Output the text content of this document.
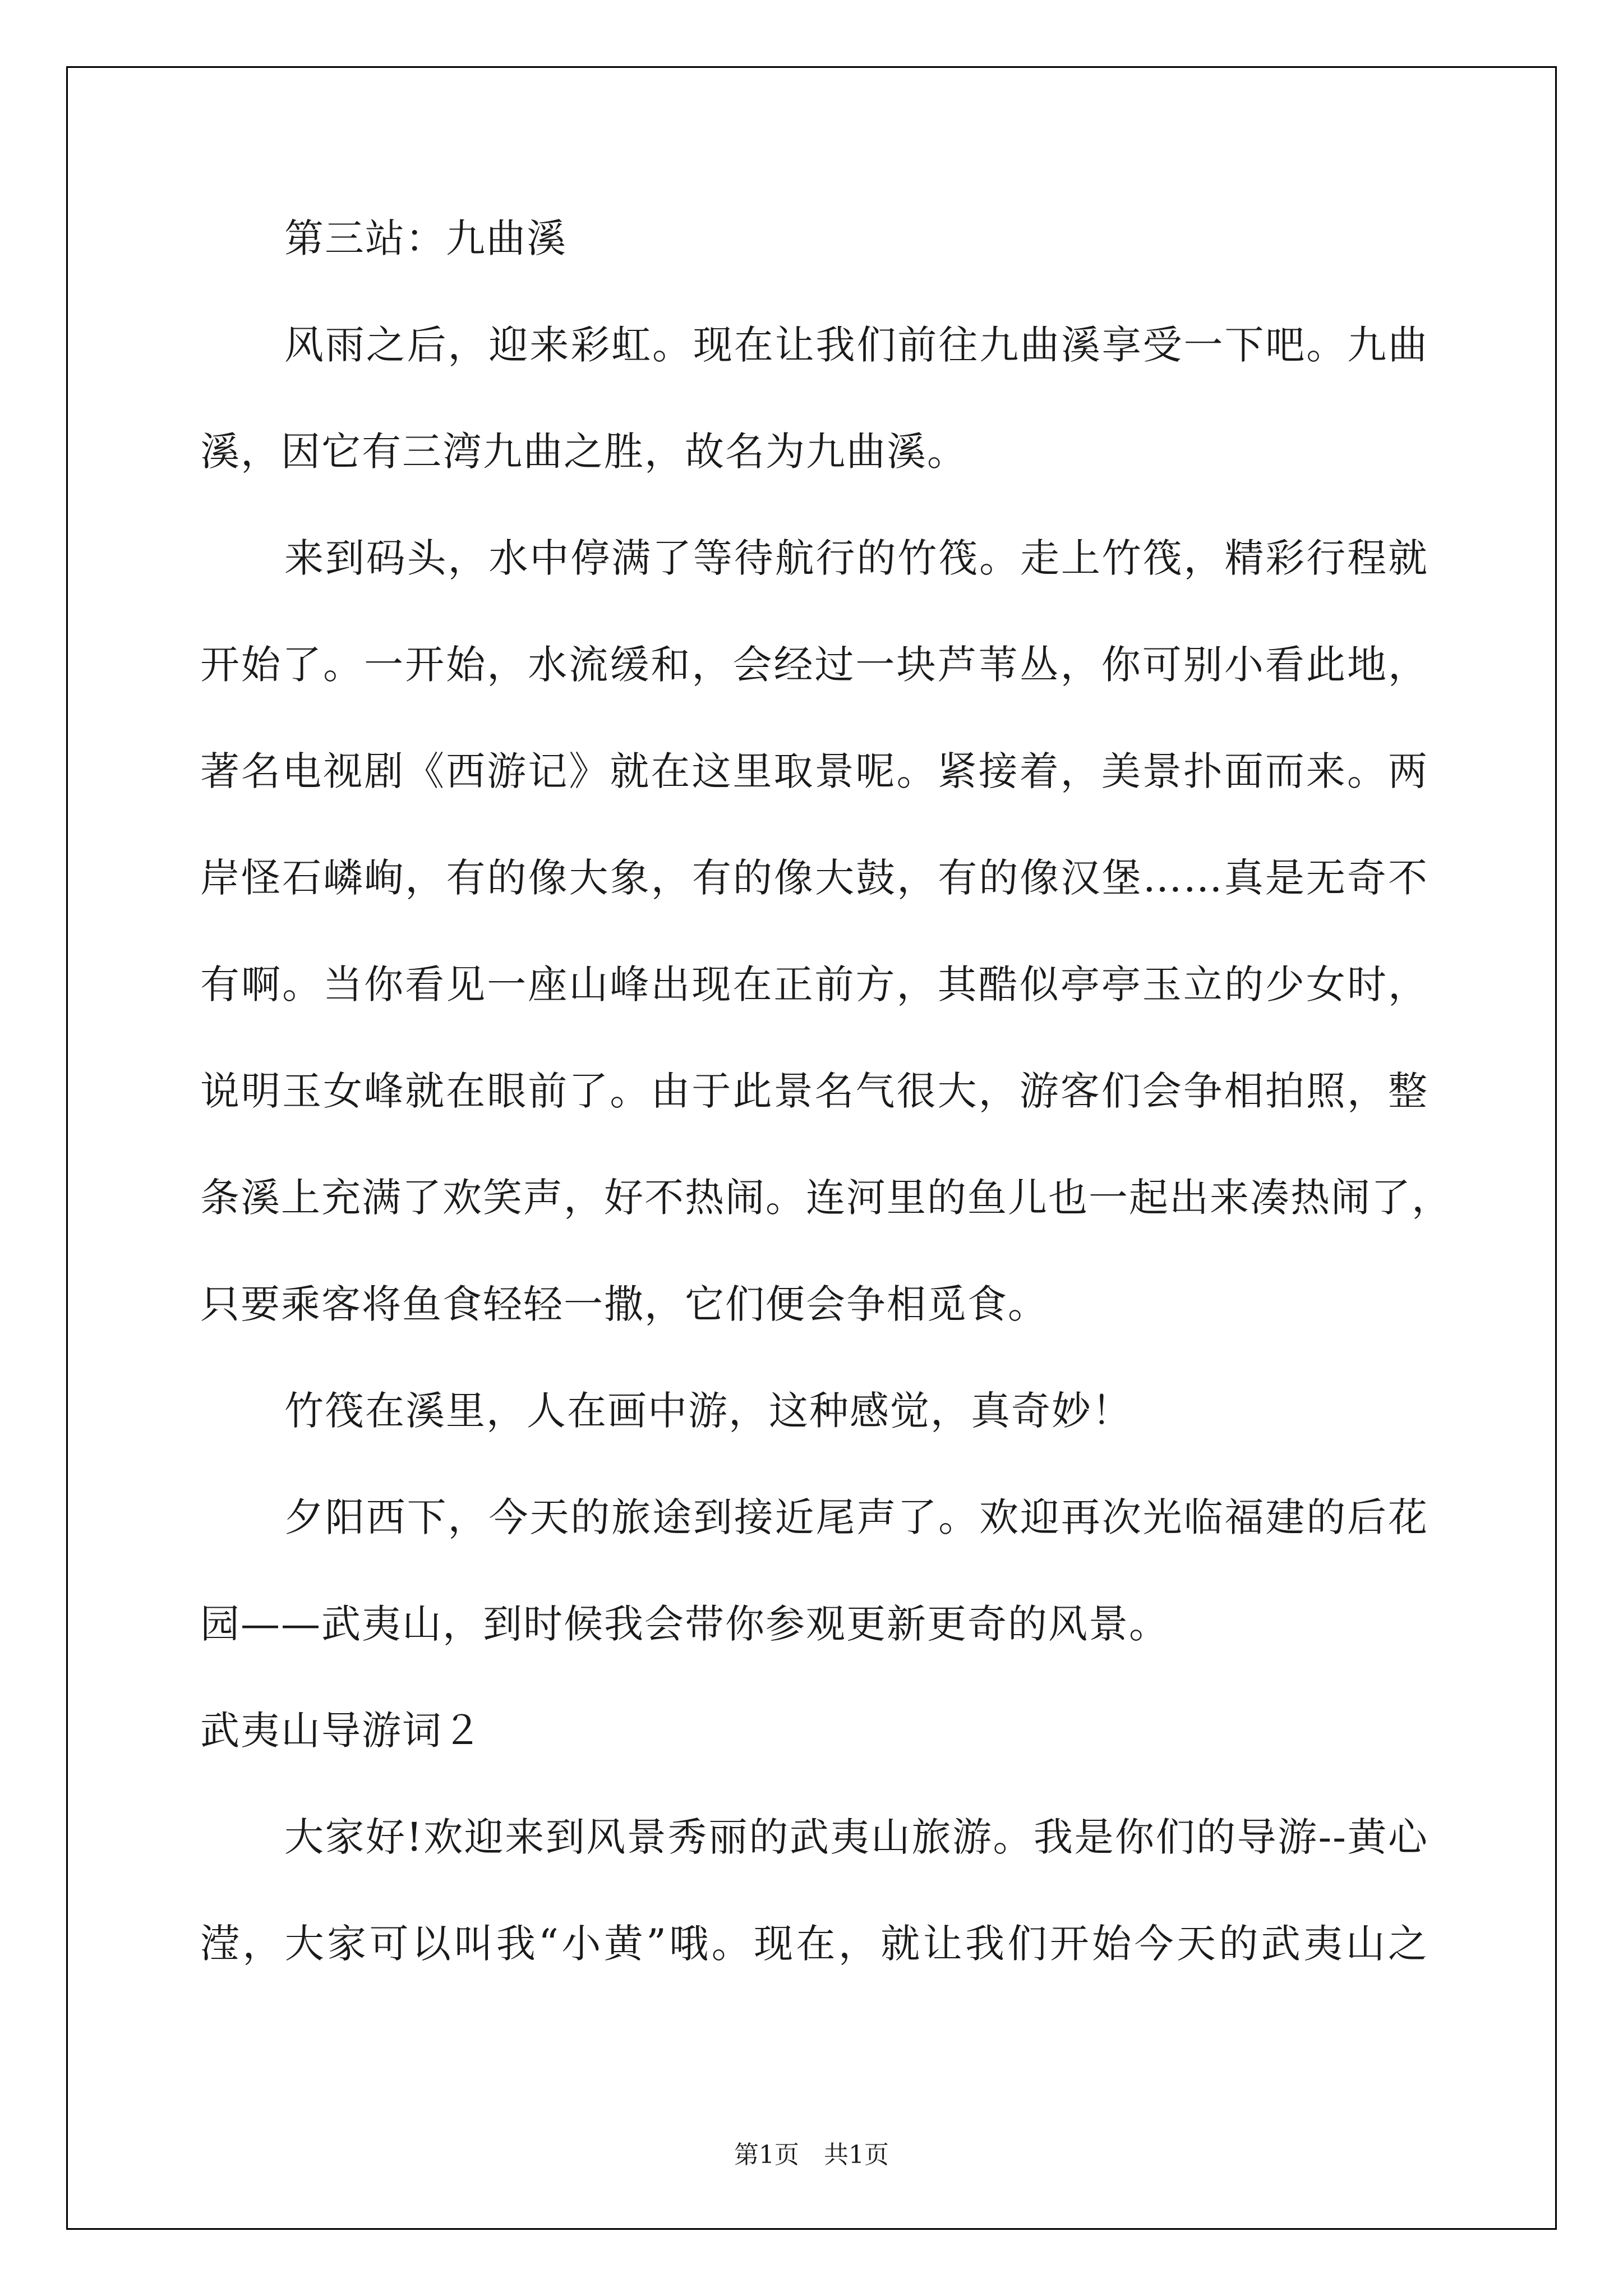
第三站：九曲溪
风雨之后，迎来彩虹。现在让我们前往九曲溪享受一下吧。九曲
溪，因它有三湾九曲之胜，故名为九曲溪。
来到码头，水中停满了等待航行的竹筏。走上竹筏，精彩行程就
开始了。一开始，水流缓和，会经过一块芦苇丛，你可别小看此地，
著名电视剧《西游记》就在这里取景呢。紧接着，美景扑面而来。两
岸怪石嶙峋，有的像大象，有的像大鼓，有的像汉堡……真是无奇不
有啊。当你看见一座山峰出现在正前方，其酷似亭亭玉立的少女时，
说明玉女峰就在眼前了。由于此景名气很大，游客们会争相拍照，整
条溪上充满了欢笑声，好不热闹。连河里的鱼儿也一起出来凑热闹了，
只要乘客将鱼食轻轻一撒，它们便会争相觅食。
竹筏在溪里，人在画中游，这种感觉，真奇妙！
夕阳西下，今天的旅途到接近尾声了。欢迎再次光临福建的后花
园——武夷山，到时候我会带你参观更新更奇的风景。
武夷山导游词２
大家好!欢迎来到风景秀丽的武夷山旅游。我是你们的导游--黄心
滢，大家可以叫我“小黄”哦。现在，就让我们开始今天的武夷山之
第1页　共1页
